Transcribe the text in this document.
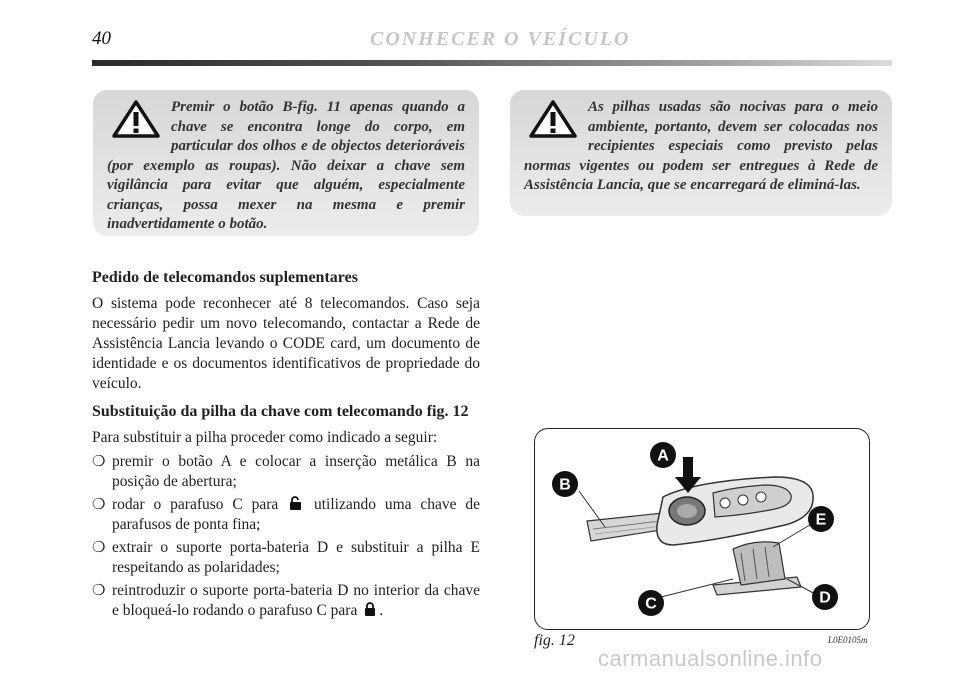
40	CONHECER O VEÍCULO
Premir o botão B-fig. 11 apenas quando a chave se encontra longe do corpo, em particular dos olhos e de objectos deterioráveis (por exemplo as roupas). Não deixar a chave sem vigilância para evitar que alguém, especialmente crianças, possa mexer na mesma e premir inadvertidamente o botão.
As pilhas usadas são nocivas para o meio ambiente, portanto, devem ser colocadas nos recipientes especiais como previsto pelas normas vigentes ou podem ser entregues à Rede de Assistência Lancia, que se encarregará de eliminá-las.
Pedido de telecomandos suplementares
O sistema pode reconhecer até 8 telecomandos. Caso seja necessário pedir um novo telecomando, contactar a Rede de Assistência Lancia levando o CODE card, um documento de identidade e os documentos identificativos de propriedade do veículo.
Substituição da pilha da chave com telecomando fig. 12
Para substituir a pilha proceder como indicado a seguir:
❍ premir o botão A e colocar a inserção metálica B na posição de abertura;
❍ rodar o parafuso C para utilizando uma chave de parafusos de ponta fina;
❍ extrair o suporte porta-bateria D e substituir a pilha E respeitando as polaridades;
❍ reintroduzir o suporte porta-bateria D no interior da chave e bloqueá-lo rodando o parafuso C para .
A
B
C	D
E
fig. 12	L0E0105m
carmanualsonline.info
